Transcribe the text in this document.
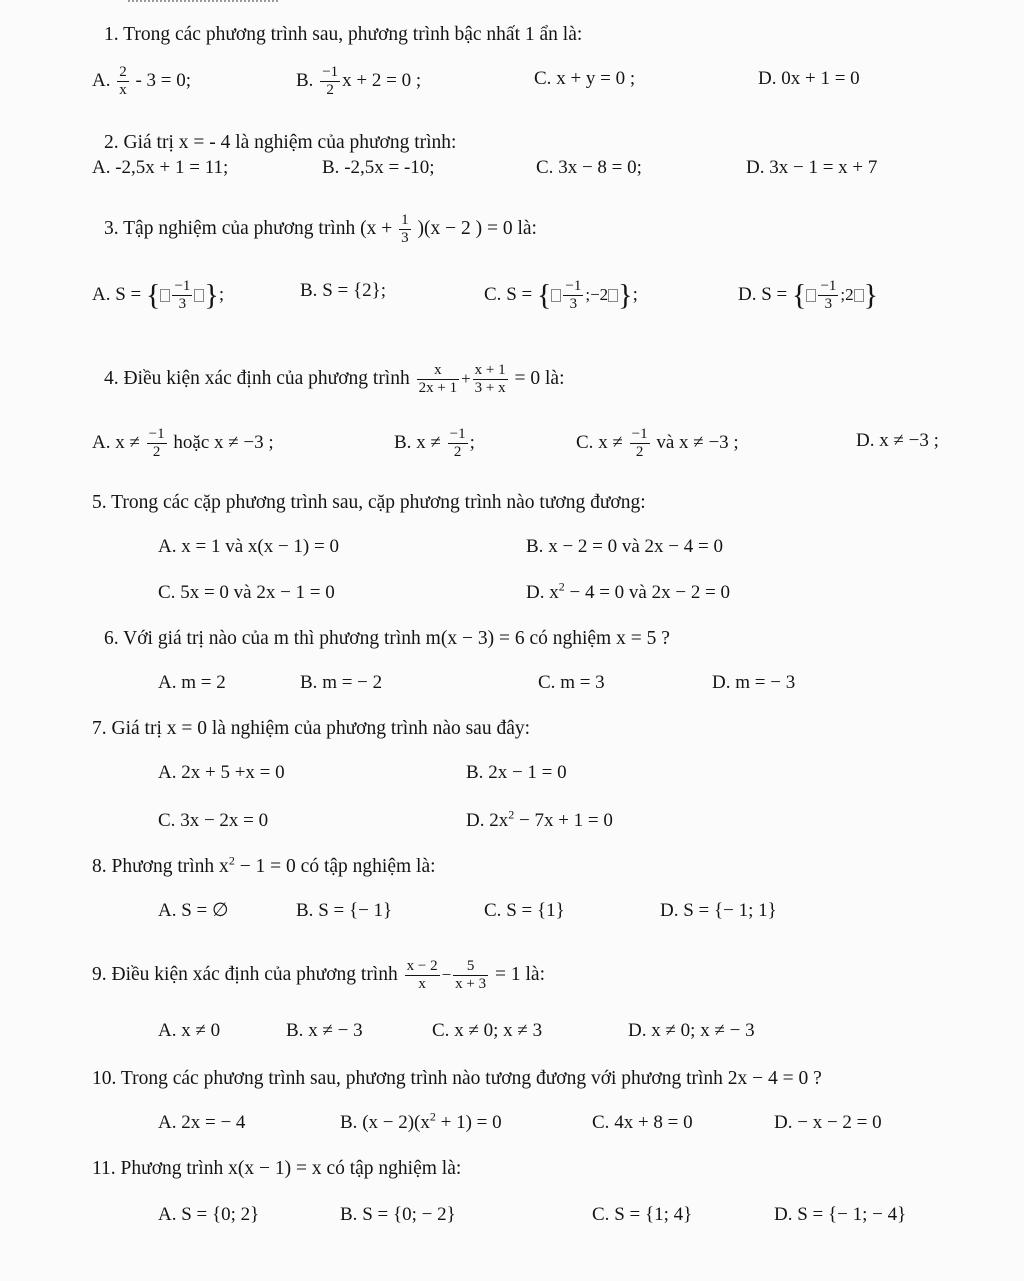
1. Trong các phương trình sau, phương trình bậc nhất 1 ẩn là:
A. $\frac{2}{x} - 3 = 0$;	B. $\frac{-1}{2}$ x + 2 = 0 ;	C. x + y = 0 ;	D. 0x + 1 = 0
2. Giá trị x = - 4 là nghiệm của phương trình:
A. -2,5x + 1 = 11;	B. -2,5x = -10;	C. 3x − 8 = 0;	D. 3x − 1 = x + 7
3. Tập nghiệm của phương trình $(x + \frac{1}{3} )(x - 2$ ) = 0 là:
A. S = { $\frac{-1}{3}$ };	B. S = {2};	C. S = { $\frac{-1}{3}$ ;−2 };	D. S = { $\frac{-1}{3}$ ;2 }
4. Điều kiện xác định của phương trình $\frac{x}{2x + 1} + \frac{x + 1}{3 + x} = 0$ là:
A. $x \ne \frac{-1}{2}$ hoặc x ≠ −3 ;	B. $x \ne \frac{-1}{2}$ ;	C. $x \ne \frac{-1}{2}$ và x ≠ −3 ;	D. x ≠ −3 ;
5. Trong các cặp phương trình sau, cặp phương trình nào tương đương:
A. x = 1 và x(x − 1) = 0	B. x − 2 = 0 và 2x − 4 = 0
C. 5x = 0 và 2x − 1 = 0	D. $x^2 - 4 = 0$ và 2x − 2 = 0
6. Với giá trị nào của m thì phương trình m(x − 3) = 6 có nghiệm x = 5 ?
A. m = 2	B. m = − 2	C. m = 3	D. m = − 3
7. Giá trị x = 0 là nghiệm của phương trình nào sau đây:
A. 2x + 5 +x = 0	B. 2x − 1 = 0
C. 3x − 2x = 0	D. $2x^2 - 7x + 1 = 0$
8. Phương trình $x^2 - 1 = 0$ có tập nghiệm là:
A. S = ∅	B. S = {− 1}	C. S = {1}	D. S = {− 1; 1}
9. Điều kiện xác định của phương trình $\frac{x - 2}{x} - \frac{5}{x + 3} = 1$ là:
A. x ≠ 0	B. x ≠ − 3	C. x ≠ 0; x ≠ 3	D. x ≠ 0; x ≠ − 3
10. Trong các phương trình sau, phương trình nào tương đương với phương trình 2x − 4 = 0 ?
A. 2x = − 4	B. $(x - 2)(x^2 + 1) = 0$	C. 4x + 8 = 0	D. − x − 2 = 0
11. Phương trình x(x − 1) = x có tập nghiệm là:
A. S = {0; 2}	B. S = {0; − 2}	C. S = {1; 4}	D. S = {− 1; − 4}
